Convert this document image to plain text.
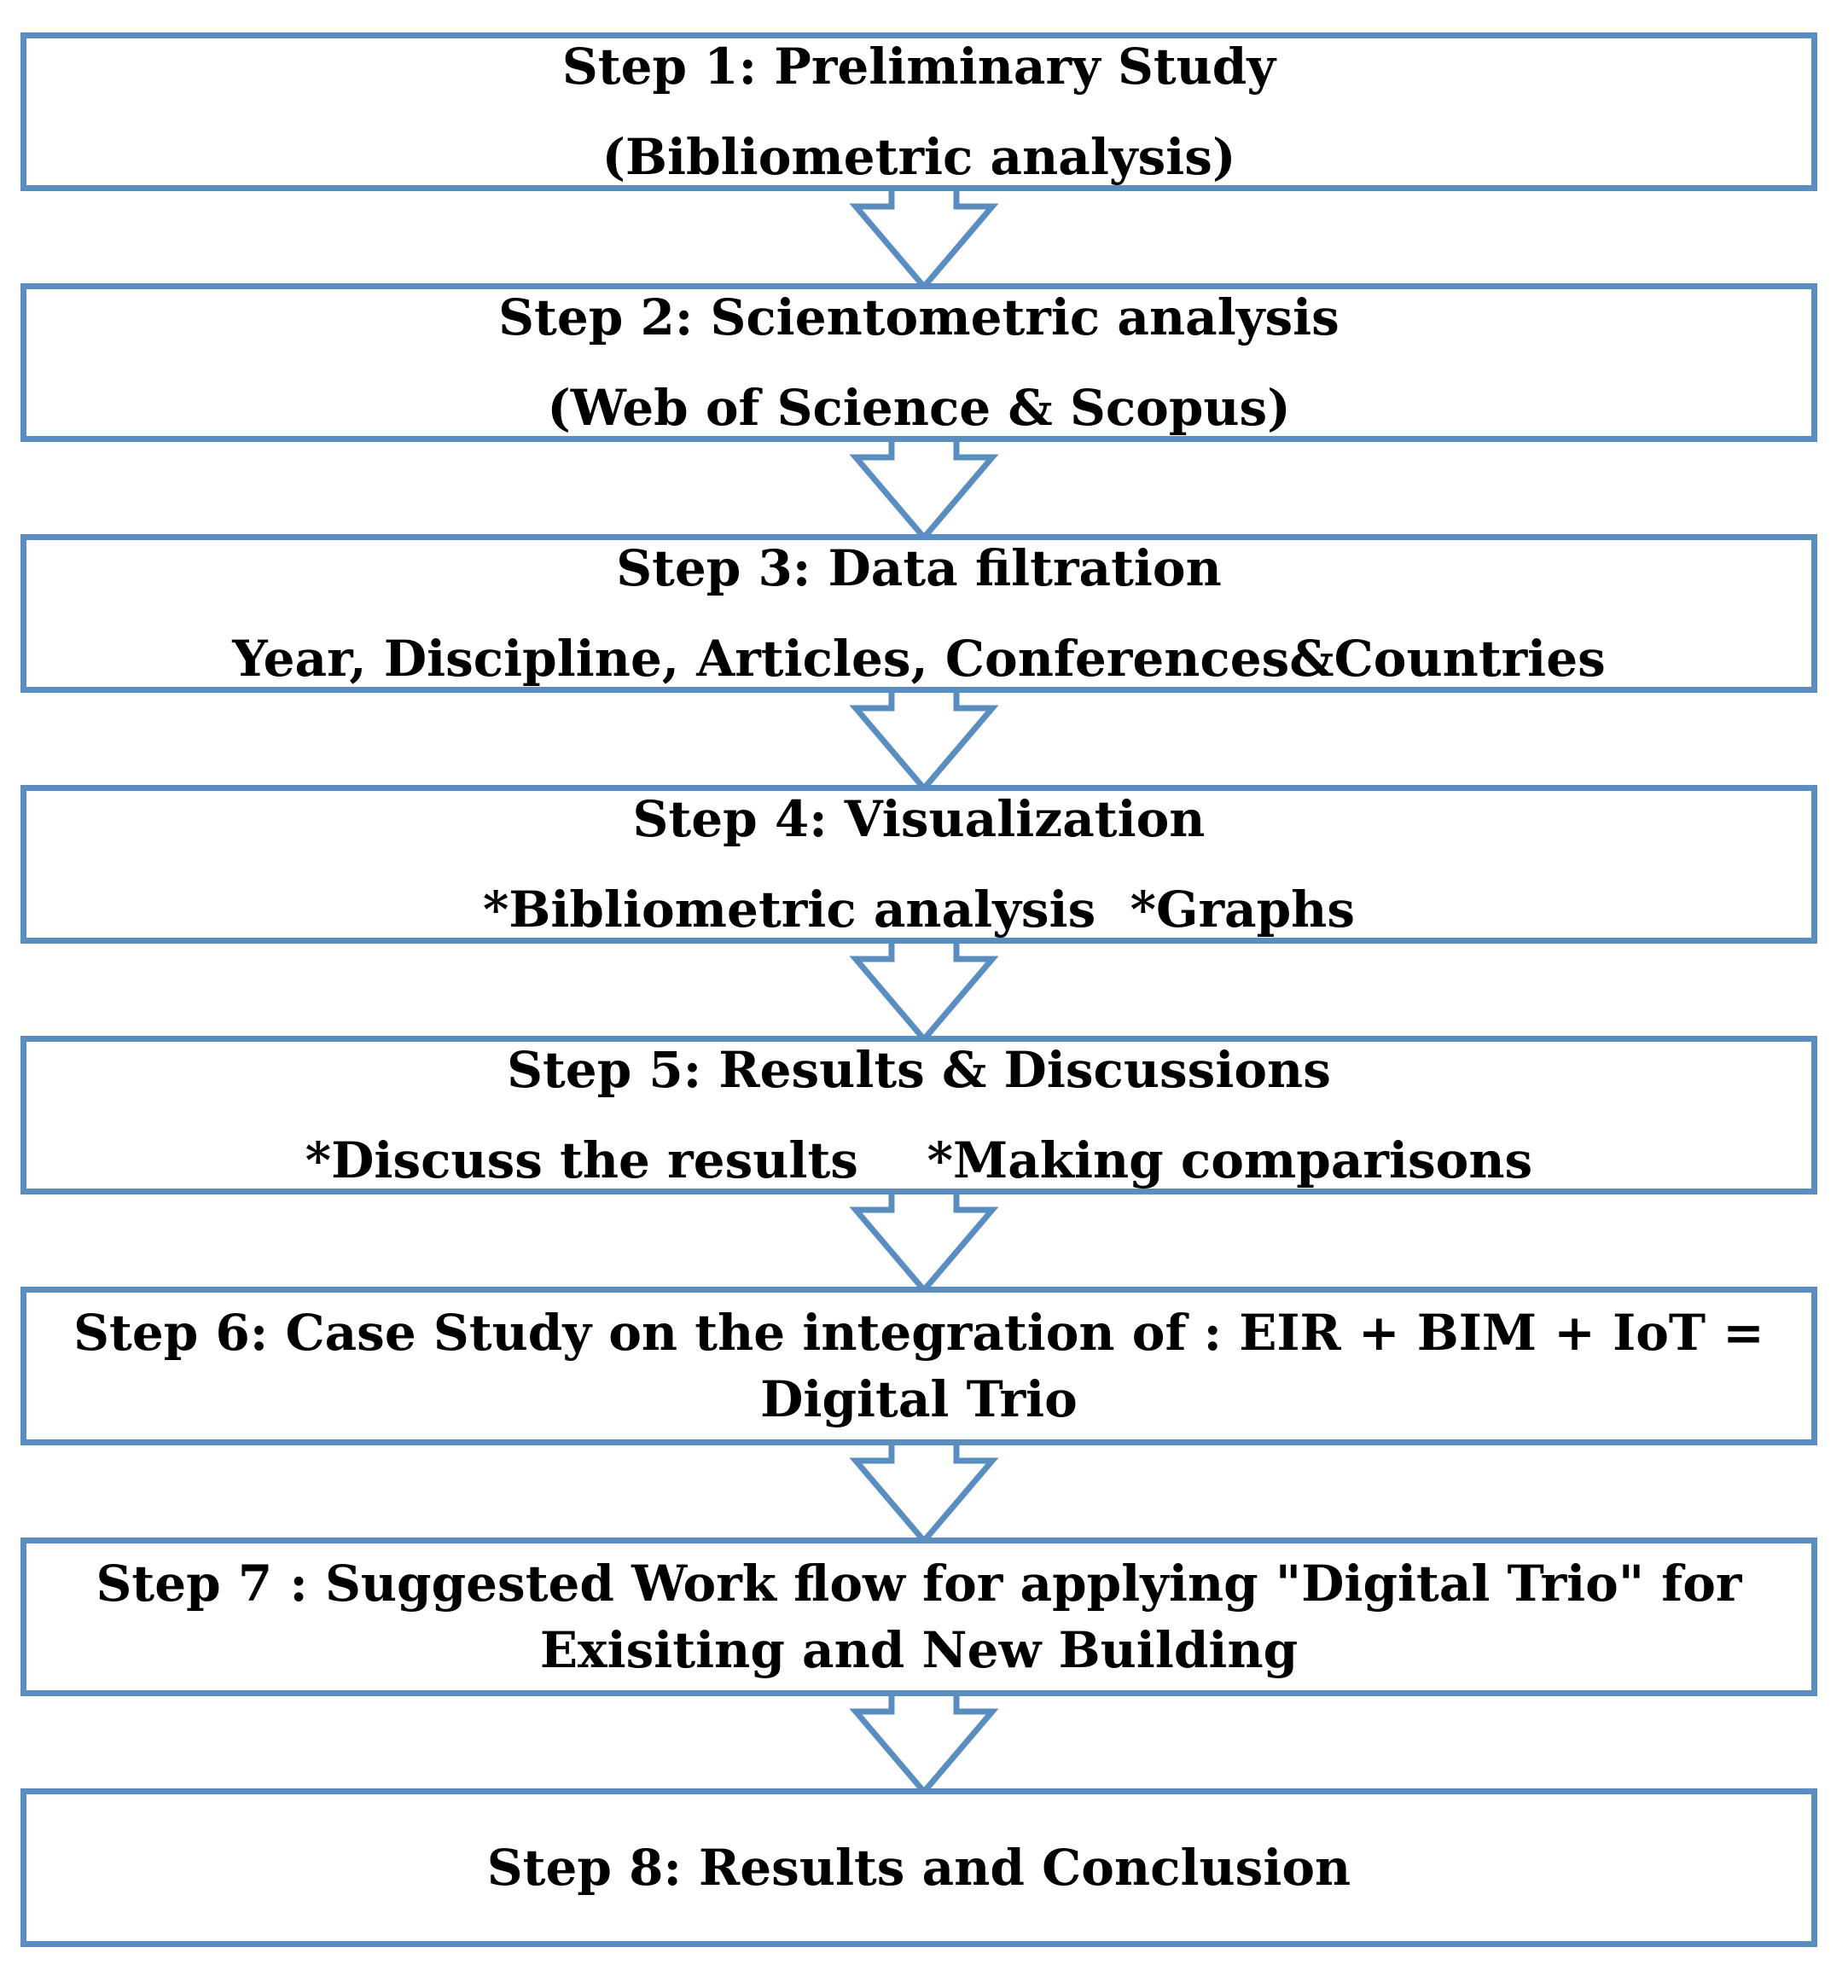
Step 1: Preliminary Study
(Bibliometric analysis)
Step 2: Scientometric analysis
(Web of Science & Scopus)
Step 3: Data filtration
Year, Discipline, Articles, Conferences&Countries
Step 4: Visualization
*Bibliometric analysis  *Graphs
Step 5: Results & Discussions
*Discuss the results    *Making comparisons
Step 6: Case Study on the integration of : EIR + BIM + IoT = Digital Trio
Step 7 : Suggested Work flow for applying "Digital Trio" for Exisiting and New Building
Step 8: Results and Conclusion
